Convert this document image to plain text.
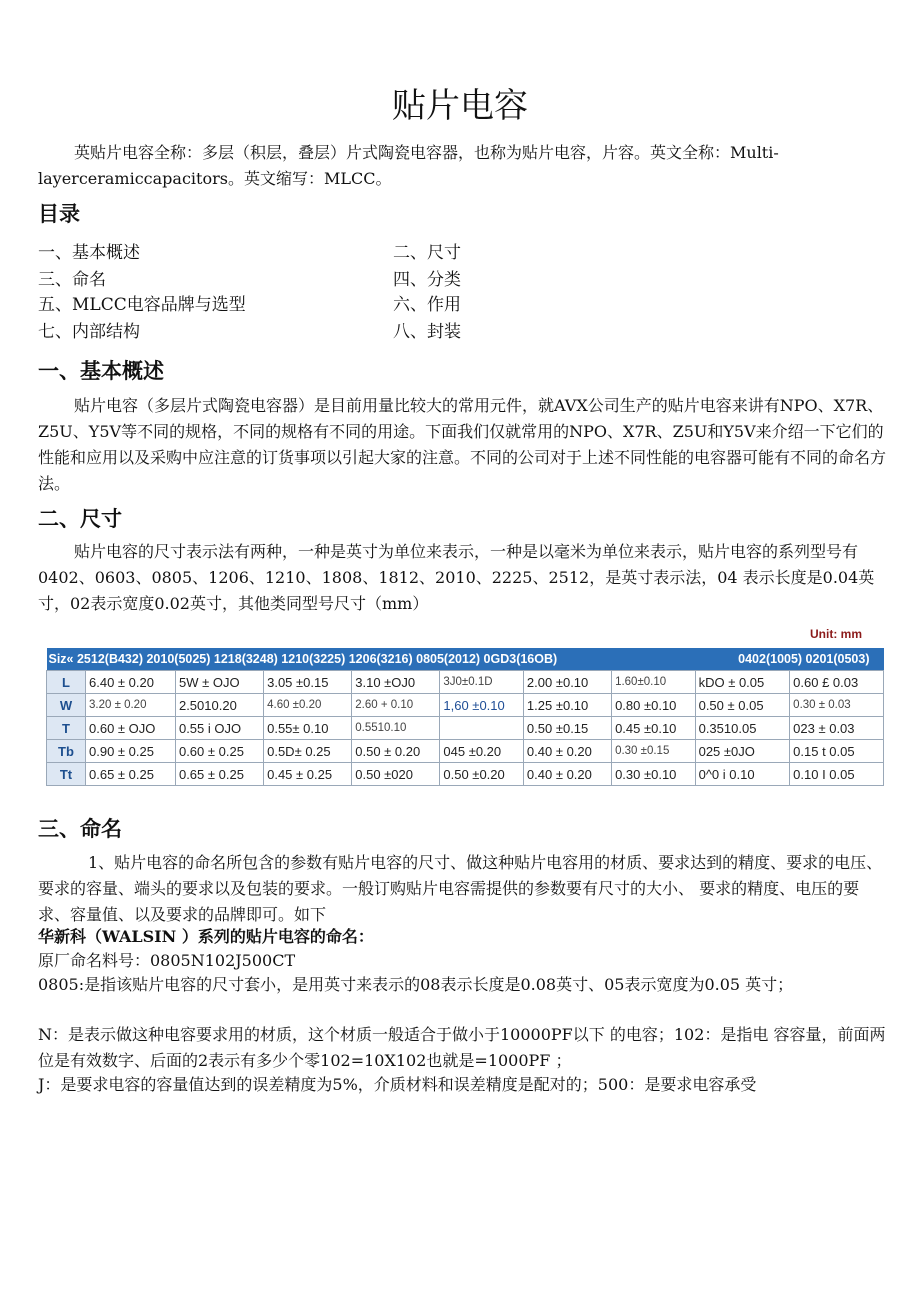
贴片电容
英贴片电容全称：多层（积层，叠层）片式陶瓷电容器，也称为贴片电容，片容。英文全称：Multi-layerceramiccapacitors。英文缩写：MLCC。
目录
一、基本概述	二、尺寸
三、命名	四、分类
五、MLCC电容品牌与选型	六、作用
七、内部结构	八、封装
一、基本概述
贴片电容（多层片式陶瓷电容器）是目前用量比较大的常用元件，就AVX公司生产的贴片电容来讲有NPO、X7R、Z5U、Y5V等不同的规格，不同的规格有不同的用途。下面我们仅就常用的NPO、X7R、Z5U和Y5V来介绍一下它们的性能和应用以及采购中应注意的订货事项以引起大家的注意。不同的公司对于上述不同性能的电容器可能有不同的命名方法。
二、尺寸
贴片电容的尺寸表示法有两种，一种是英寸为单位来表示，一种是以毫米为单位来表示，贴片电容的系列型号有0402、0603、0805、1206、1210、1808、1812、2010、2225、2512，是英寸表示法，04 表示长度是0.04英寸，02表示宽度0.02英寸，其他类同型号尺寸（mm）
Unit: mm
Siz« 2512(B432) 2010(5025) 1218(3248) 1210(3225) 1206(3216) 0805(2012) 0GD3(16OB)								0402(1005) 0201(0503)	
L	6.40 ± 0.20	5W ± OJO	3.05 ±0.15	3.10 ±OJ0	3J0±0.1D	2.00 ±0.10	1.60±0.10	kDO ± 0.05	0.60 £ 0.03
W	3.20 ± 0.20	2.5010.20	4.60 ±0.20	2.60 + 0.10	1,60 ±0.10	1.25 ±0.10	0.80 ±0.10	0.50 ± 0.05	0.30 ± 0.03
T	0.60 ± OJO	0.55 i OJO	0.55± 0.10	0.5510.10		0.50 ±0.15	0.45 ±0.10	0.3510.05	023 ± 0.03
Tb	0.90 ± 0.25	0.60 ± 0.25	0.5D± 0.25	0.50 ± 0.20	045 ±0.20	0.40 ± 0.20	0.30 ±0.15	025 ±0JO	0.15 t 0.05
Tt	0.65 ± 0.25	0.65 ± 0.25	0.45 ± 0.25	0.50 ±020	0.50 ±0.20	0.40 ± 0.20	0.30 ±0.10	0^0 i 0.10	0.10 I 0.05
三、命名
1、贴片电容的命名所包含的参数有贴片电容的尺寸、做这种贴片电容用的材质、要求达到的精度、要求的电压、要求的容量、端头的要求以及包装的要求。一般订购贴片电容需提供的参数要有尺寸的大小、 要求的精度、电压的要求、容量值、以及要求的品牌即可。如下
华新科（WALSIN ）系列的贴片电容的命名：
原厂命名料号：0805N102J500CT
0805:是指该贴片电容的尺寸套小，是用英寸来表示的08表示长度是0.08英寸、05表示宽度为0.05 英寸；
N：是表示做这种电容要求用的材质，这个材质一般适合于做小于10000PF以下 的电容；102：是指电 容容量，前面两位是有效数字、后面的2表示有多少个零102=10X102也就是=1000PF ；
J：是要求电容的容量值达到的误差精度为5%，介质材料和误差精度是配对的；500：是要求电容承受
